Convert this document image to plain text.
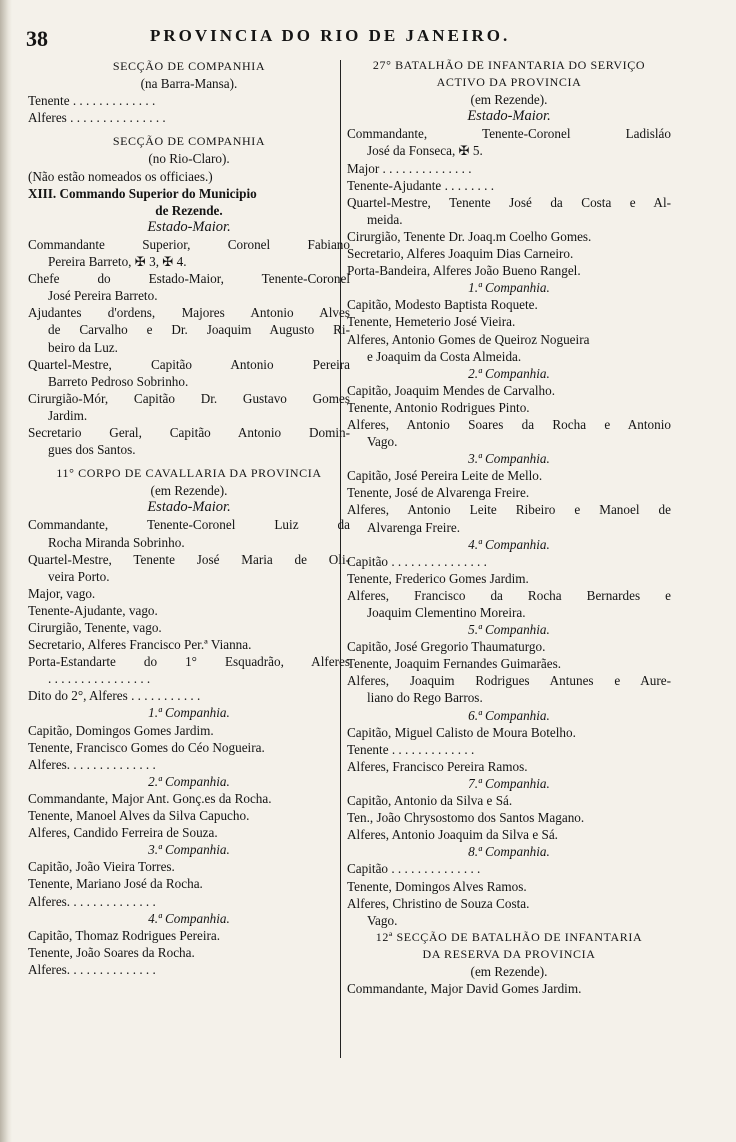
38	PROVINCIA DO RIO DE JANEIRO.
SECÇÃO DE COMPANHIA
(na Barra-Mansa).
Tenente . . . . . . . . . . . . .
Alferes . . . . . . . . . . . . . . .
SECÇÃO DE COMPANHIA
(no Rio-Claro).
(Não estão nomeados os officiaes.)
XIII. Commando Superior do Municipio
de Rezende.
Estado-Maior.
Commandante Superior, Coronel Fabiano
Pereira Barreto, ✠ 3, ✠ 4.
Chefe do Estado-Maior, Tenente-Coronel
José Pereira Barreto.
Ajudantes d'ordens, Majores Antonio Alves
de Carvalho e Dr. Joaquim Augusto Ri-
beiro da Luz.
Quartel-Mestre, Capitão Antonio Pereira
Barreto Pedroso Sobrinho.
Cirurgião-Mór, Capitão Dr. Gustavo Gomes
Jardim.
Secretario Geral, Capitão Antonio Domin-
gues dos Santos.
11° CORPO DE CAVALLARIA DA PROVINCIA
(em Rezende).
Estado-Maior.
Commandante, Tenente-Coronel Luiz da
Rocha Miranda Sobrinho.
Quartel-Mestre, Tenente José Maria de Oli-
veira Porto.
Major, vago.
Tenente-Ajudante, vago.
Cirurgião, Tenente, vago.
Secretario, Alferes Francisco Per.ª Vianna.
Porta-Estandarte do 1° Esquadrão, Alferes
. . . . . . . . . . . . . . . .
Dito do 2°, Alferes . . . . . . . . . . .
1.ª Companhia.
Capitão, Domingos Gomes Jardim.
Tenente, Francisco Gomes do Céo Nogueira.
Alferes. . . . . . . . . . . . . .
2.ª Companhia.
Commandante, Major Ant. Gonç.es da Rocha.
Tenente, Manoel Alves da Silva Capucho.
Alferes, Candido Ferreira de Souza.
3.ª Companhia.
Capitão, João Vieira Torres.
Tenente, Mariano José da Rocha.
Alferes. . . . . . . . . . . . . .
4.ª Companhia.
Capitão, Thomaz Rodrigues Pereira.
Tenente, João Soares da Rocha.
Alferes. . . . . . . . . . . . . .
27° BATALHÃO DE INFANTARIA DO SERVIÇO
ACTIVO DA PROVINCIA
(em Rezende).
Estado-Maior.
Commandante, Tenente-Coronel Ladisláo
José da Fonseca, ✠ 5.
Major . . . . . . . . . . . . . .
Tenente-Ajudante . . . . . . . .
Quartel-Mestre, Tenente José da Costa e Al-
meida.
Cirurgião, Tenente Dr. Joaq.m Coelho Gomes.
Secretario, Alferes Joaquim Dias Carneiro.
Porta-Bandeira, Alferes João Bueno Rangel.
1.ª Companhia.
Capitão, Modesto Baptista Roquete.
Tenente, Hemeterio José Vieira.
Alferes, Antonio Gomes de Queiroz Nogueira
e Joaquim da Costa Almeida.
2.ª Companhia.
Capitão, Joaquim Mendes de Carvalho.
Tenente, Antonio Rodrigues Pinto.
Alferes, Antonio Soares da Rocha e Antonio
Vago.
3.ª Companhia.
Capitão, José Pereira Leite de Mello.
Tenente, José de Alvarenga Freire.
Alferes, Antonio Leite Ribeiro e Manoel de
Alvarenga Freire.
4.ª Companhia.
Capitão . . . . . . . . . . . . . . .
Tenente, Frederico Gomes Jardim.
Alferes, Francisco da Rocha Bernardes e
Joaquim Clementino Moreira.
5.ª Companhia.
Capitão, José Gregorio Thaumaturgo.
Tenente, Joaquim Fernandes Guimarães.
Alferes, Joaquim Rodrigues Antunes e Aure-
liano do Rego Barros.
6.ª Companhia.
Capitão, Miguel Calisto de Moura Botelho.
Tenente . . . . . . . . . . . . .
Alferes, Francisco Pereira Ramos.
7.ª Companhia.
Capitão, Antonio da Silva e Sá.
Ten., João Chrysostomo dos Santos Magano.
Alferes, Antonio Joaquim da Silva e Sá.
8.ª Companhia.
Capitão . . . . . . . . . . . . . .
Tenente, Domingos Alves Ramos.
Alferes, Christino de Souza Costa.
Vago.
12ª SECÇÃO DE BATALHÃO DE INFANTARIA
DA RESERVA DA PROVINCIA
(em Rezende).
Commandante, Major David Gomes Jardim.
